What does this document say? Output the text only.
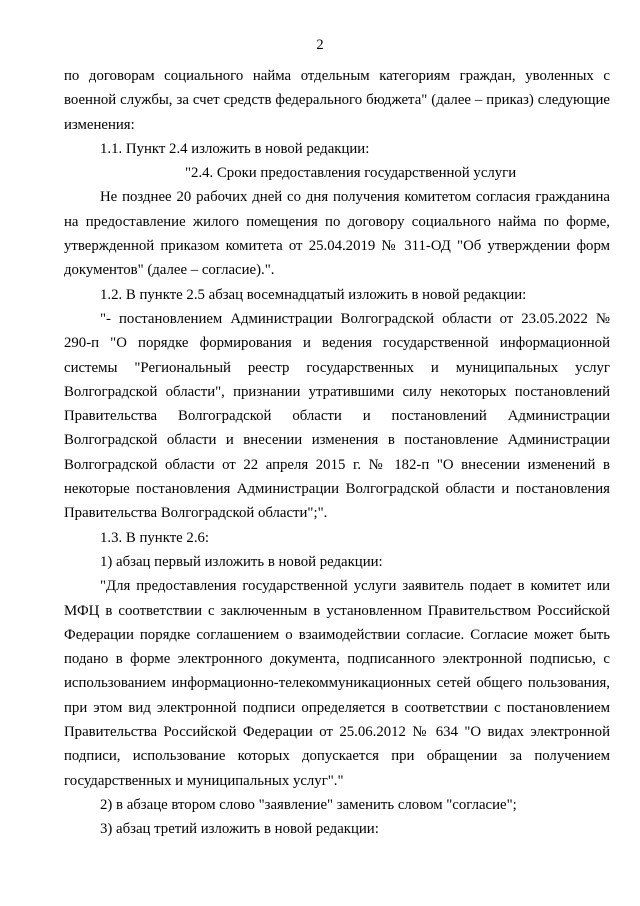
2

по договорам социального найма отдельным категориям граждан, уволенных с военной службы, за счет средств федерального бюджета" (далее – приказ) следующие изменения:

1.1. Пункт 2.4 изложить в новой редакции:

"2.4. Сроки предоставления государственной услуги

Не позднее 20 рабочих дней со дня получения комитетом согласия гражданина на предоставление жилого помещения по договору социального найма по форме, утвержденной приказом комитета от 25.04.2019 № 311-ОД "Об утверждении форм документов" (далее – согласие).".

1.2. В пункте 2.5 абзац восемнадцатый изложить в новой редакции:

"- постановлением Администрации Волгоградской области от 23.05.2022 № 290-п "О порядке формирования и ведения государственной информационной системы "Региональный реестр государственных и муниципальных услуг Волгоградской области", признании утратившими силу некоторых постановлений Правительства Волгоградской области и постановлений Администрации Волгоградской области и внесении изменения в постановление Администрации Волгоградской области от 22 апреля 2015 г. № 182-п "О внесении изменений в некоторые постановления Администрации Волгоградской области и постановления Правительства Волгоградской области";".

1.3. В пункте 2.6:

1) абзац первый изложить в новой редакции:

"Для предоставления государственной услуги заявитель подает в комитет или МФЦ в соответствии с заключенным в установленном Правительством Российской Федерации порядке соглашением о взаимодействии согласие. Согласие может быть подано в форме электронного документа, подписанного электронной подписью, с использованием информационно-телекоммуникационных сетей общего пользования, при этом вид электронной подписи определяется в соответствии с постановлением Правительства Российской Федерации от 25.06.2012 № 634 "О видах электронной подписи, использование которых допускается при обращении за получением государственных и муниципальных услуг"."

2) в абзаце втором слово "заявление" заменить словом "согласие";

3) абзац третий изложить в новой редакции:
